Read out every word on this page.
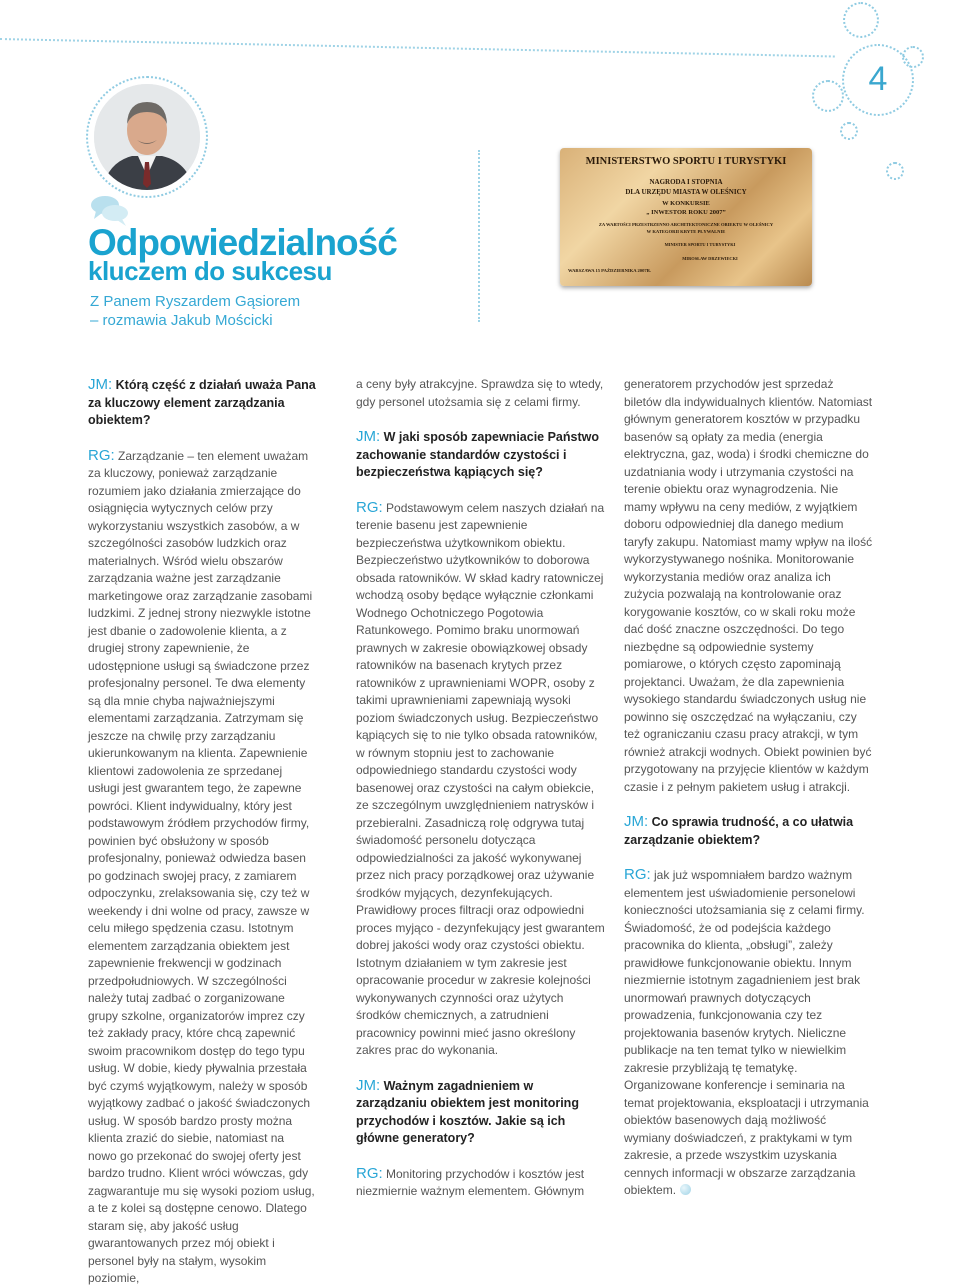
4
Odpowiedzialność
kluczem do sukcesu
Z Panem Ryszardem Gąsiorem
– rozmawia Jakub Mościcki
MINISTERSTWO SPORTU I TURYSTYKI
NAGRODA I STOPNIA
DLA URZĘDU MIASTA W OLEŚNICY
W KONKURSIE
„ INWESTOR ROKU 2007”
ZA WARTOŚCI PRZESTRZENNO ARCHITEKTONICZNE OBIEKTU W OLEŚNICY
W KATEGORII KRYTE PŁYWALNIE
MINISTER SPORTU I TURYSTYKI
MIROSŁAW DRZEWIECKI
WARSZAWA 15 PAŹDZIERNIKA 2007R.

JM: Którą część z działań uważa Pana za kluczowy element zarządzania obiektem?

RG: Zarządzanie – ten element uważam za kluczowy, ponieważ zarządzanie rozumiem jako działania zmierzające do osiągnięcia wytycznych celów przy wykorzystaniu wszystkich zasobów, a w szczególności zasobów ludzkich oraz materialnych. Wśród wielu obszarów zarządzania ważne jest zarządzanie marketingowe oraz zarządzanie zasobami ludzkimi. Z jednej strony niezwykle istotne jest dbanie o zadowolenie klienta, a z drugiej strony zapewnienie, że udostępnione usługi są świadczone przez profesjonalny personel. Te dwa elementy są dla mnie chyba najważniejszymi elementami zarządzania. Zatrzymam się jeszcze na chwilę przy zarządzaniu ukierunkowanym na klienta. Zapewnienie klientowi zadowolenia ze sprzedanej usługi jest gwarantem tego, że zapewne powróci. Klient indywidualny, który jest podstawowym źródłem przychodów firmy, powinien być obsłużony w sposób profesjonalny, ponieważ odwiedza basen po godzinach swojej pracy, z zamiarem odpoczynku, zrelaksowania się, czy też w weekendy i dni wolne od pracy, zawsze w celu miłego spędzenia czasu. Istotnym elementem zarządzania obiektem jest zapewnienie frekwencji w godzinach przedpołudniowych. W szczególności należy tutaj zadbać o zorganizowane grupy szkolne, organizatorów imprez czy też zakłady pracy, które chcą zapewnić swoim pracownikom dostęp do tego typu usług. W dobie, kiedy pływalnia przestała być czymś wyjątkowym, należy w sposób wyjątkowy zadbać o jakość świadczonych usług. W sposób bardzo prosty można klienta zrazić do siebie, natomiast na nowo go przekonać do swojej oferty jest bardzo trudno. Klient wróci wówczas, gdy zagwarantuje mu się wysoki poziom usług, a te z kolei są dostępne cenowo. Dlatego staram się, aby jakość usług gwarantowanych przez mój obiekt i personel były na stałym, wysokim poziomie,

a ceny były atrakcyjne. Sprawdza się to wtedy, gdy personel utożsamia się z celami firmy.

JM: W jaki sposób zapewniacie Państwo zachowanie standardów czystości i bezpieczeństwa kąpiących się?

RG: Podstawowym celem naszych działań na terenie basenu jest zapewnienie bezpieczeństwa użytkownikom obiektu. Bezpieczeństwo użytkowników to doborowa obsada ratowników. W skład kadry ratowniczej wchodzą osoby będące wyłącznie członkami Wodnego Ochotniczego Pogotowia Ratunkowego. Pomimo braku unormowań prawnych w zakresie obowiązkowej obsady ratowników na basenach krytych przez ratowników z uprawnieniami WOPR, osoby z takimi uprawnieniami zapewniają wysoki poziom świadczonych usług. Bezpieczeństwo kąpiących się to nie tylko obsada ratowników, w równym stopniu jest to zachowanie odpowiedniego standardu czystości wody basenowej oraz czystości na całym obiekcie, ze szczególnym uwzględnieniem natrysków i przebieralni. Zasadniczą rolę odgrywa tutaj świadomość personelu dotycząca odpowiedzialności za jakość wykonywanej przez nich pracy porządkowej oraz używanie środków myjących, dezynfekujących. Prawidłowy proces filtracji oraz odpowiedni proces myjąco - dezynfekujący jest gwarantem dobrej jakości wody oraz czystości obiektu. Istotnym działaniem w tym zakresie jest opracowanie procedur w zakresie kolejności wykonywanych czynności oraz użytych środków chemicznych, a zatrudnieni pracownicy powinni mieć jasno określony zakres prac do wykonania.

JM: Ważnym zagadnieniem w zarządzaniu obiektem jest monitoring przychodów i kosztów. Jakie są ich główne generatory?

RG: Monitoring przychodów i kosztów jest niezmiernie ważnym elementem. Głównym

generatorem przychodów jest sprzedaż biletów dla indywidualnych klientów. Natomiast głównym generatorem kosztów w przypadku basenów są opłaty za media (energia elektryczna, gaz, woda) i środki chemiczne do uzdatniania wody i utrzymania czystości na terenie obiektu oraz wynagrodzenia. Nie mamy wpływu na ceny mediów, z wyjątkiem doboru odpowiedniej dla danego medium taryfy zakupu. Natomiast mamy wpływ na ilość wykorzystywanego nośnika. Monitorowanie wykorzystania mediów oraz analiza ich zużycia pozwalają na kontrolowanie oraz korygowanie kosztów, co w skali roku może dać dość znaczne oszczędności. Do tego niezbędne są odpowiednie systemy pomiarowe, o których często zapominają projektanci. Uważam, że dla zapewnienia wysokiego standardu świadczonych usług nie powinno się oszczędzać na wyłączaniu, czy też ograniczaniu czasu pracy atrakcji, w tym również atrakcji wodnych. Obiekt powinien być przygotowany na przyjęcie klientów w każdym czasie i z pełnym pakietem usług i atrakcji.

JM: Co sprawia trudność, a co ułatwia zarządzanie obiektem?

RG: jak już wspomniałem bardzo ważnym elementem jest uświadomienie personelowi konieczności utożsamiania się z celami firmy. Świadomość, że od podejścia każdego pracownika do klienta, „obsługi”, zależy prawidłowe funkcjonowanie obiektu. Innym niezmiernie istotnym zagadnieniem jest brak unormowań prawnych dotyczących prowadzenia, funkcjonowania czy tez projektowania basenów krytych. Nieliczne publikacje na ten temat tylko w niewielkim zakresie przybliżają tę tematykę. Organizowane konferencje i seminaria na temat projektowania, eksploatacji i utrzymania obiektów basenowych dają możliwość wymiany doświadczeń, z praktykami w tym zakresie, a przede wszystkim uzyskania cennych informacji w obszarze zarządzania obiektem.
